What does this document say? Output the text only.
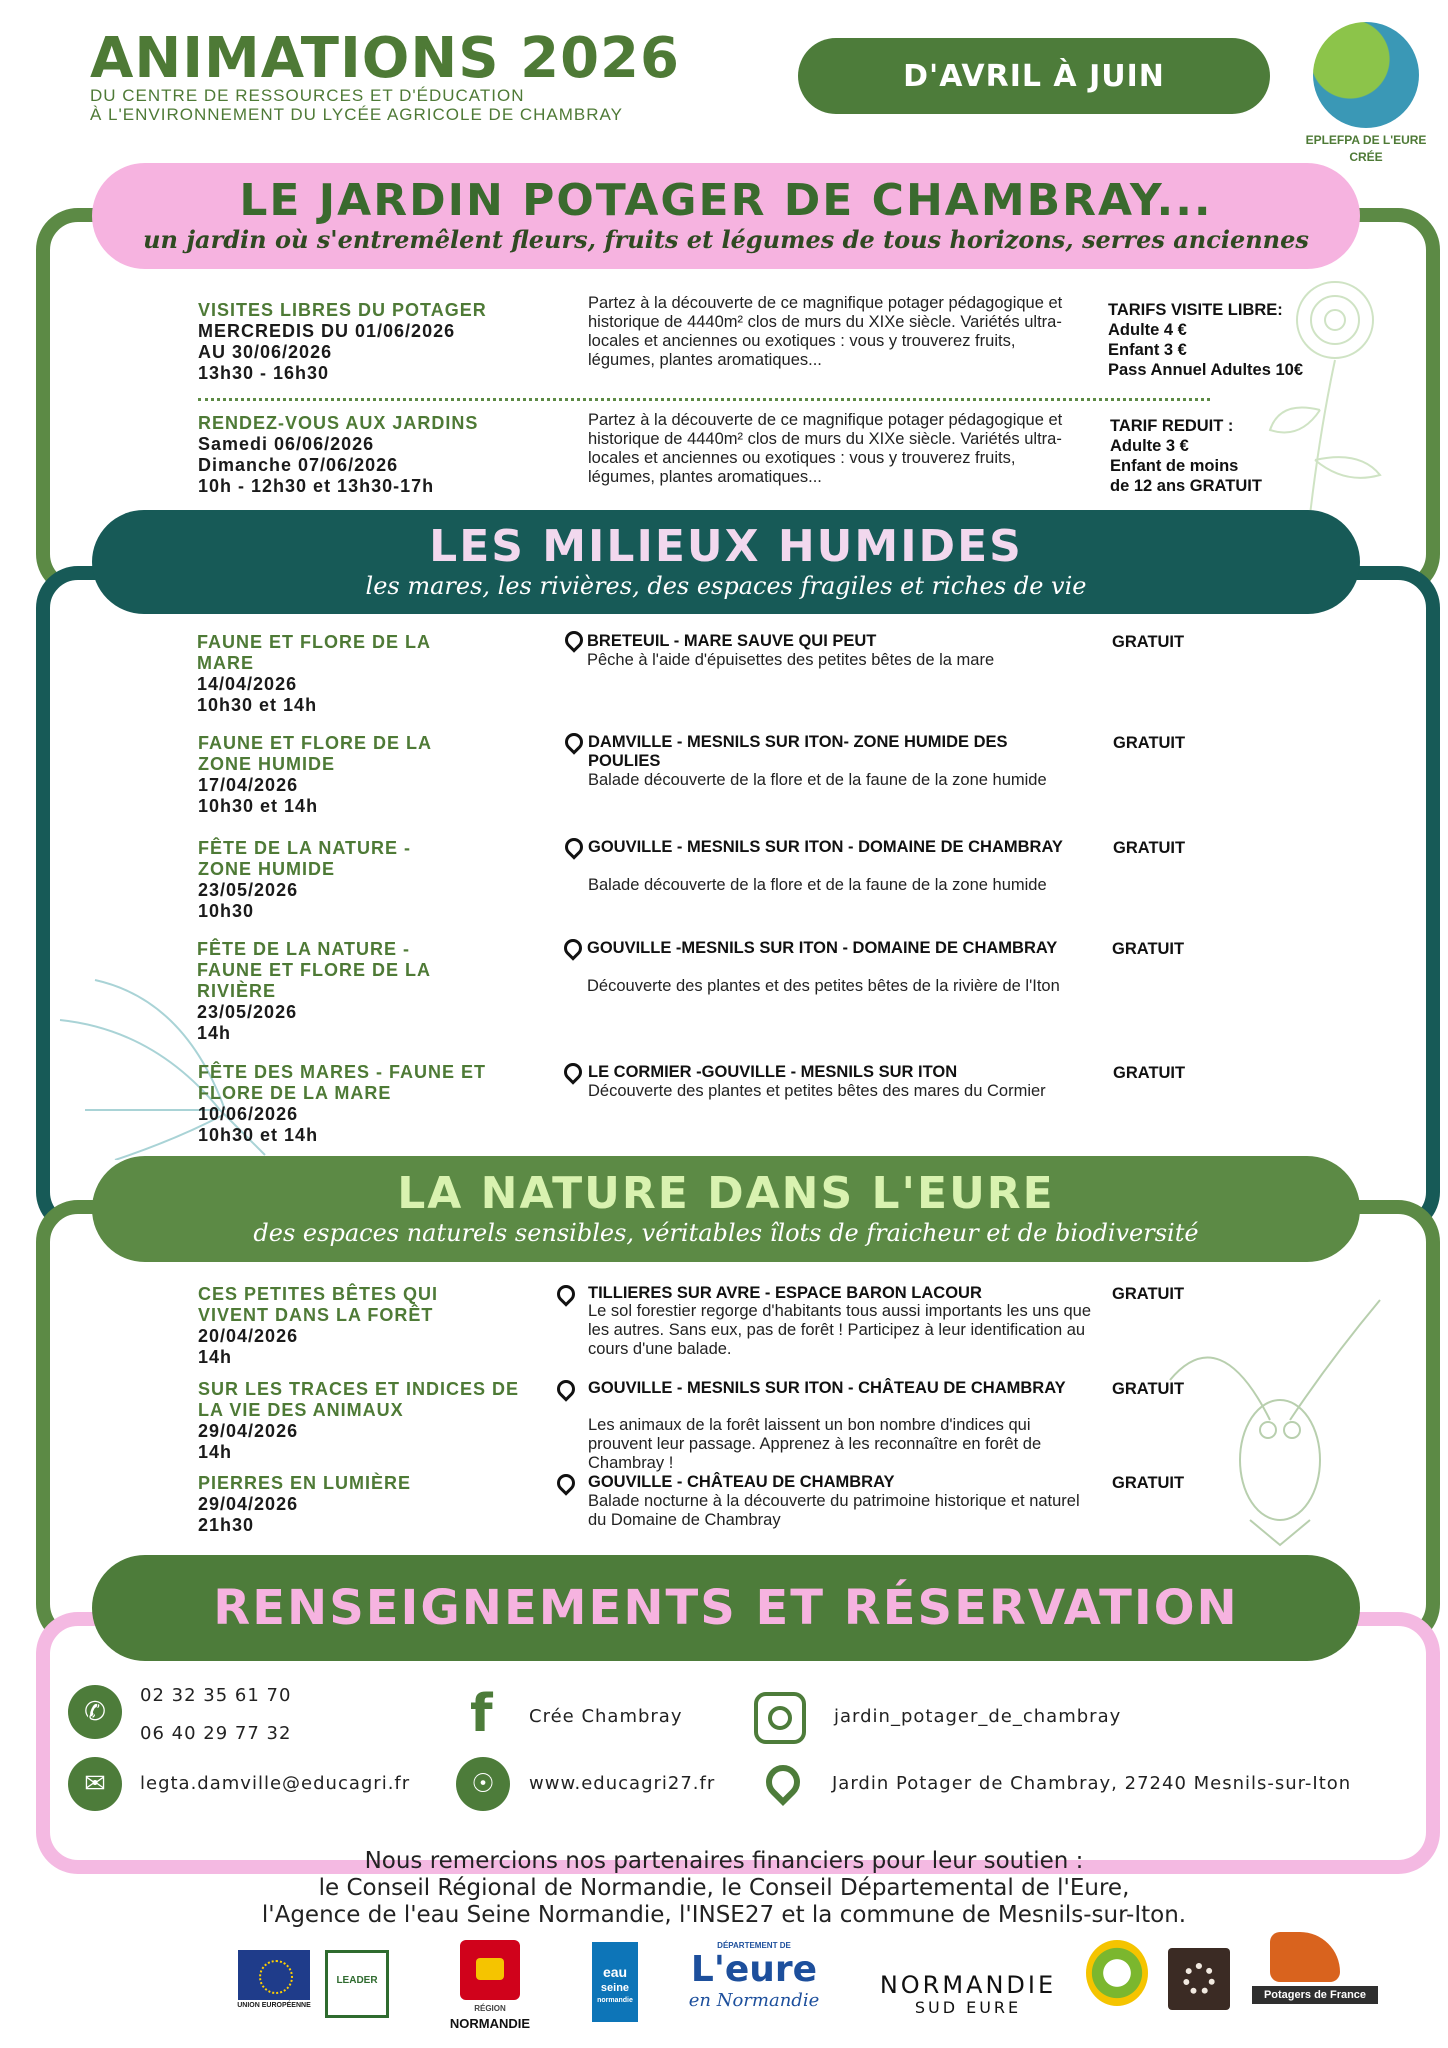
ANIMATIONS 2026
DU CENTRE DE RESSOURCES ET D'ÉDUCATION
À L'ENVIRONNEMENT DU LYCÉE AGRICOLE DE CHAMBRAY
D'AVRIL À JUIN
EPLEFPA DE L'EURE
CRÉE
LE JARDIN POTAGER DE CHAMBRAY...
un jardin où s'entremêlent fleurs, fruits et légumes de tous horizons, serres anciennes
VISITES LIBRES DU POTAGER
MERCREDIS DU 01/06/2026
AU 30/06/2026
13h30 - 16h30
Partez à la découverte de ce magnifique potager pédagogique et historique de 4440m² clos de murs du XIXe siècle. Variétés ultra-locales et anciennes ou exotiques : vous y trouverez fruits, légumes, plantes aromatiques...
TARIFS VISITE LIBRE:
Adulte 4 €
Enfant 3 €
Pass Annuel Adultes 10€
RENDEZ-VOUS AUX JARDINS
Samedi 06/06/2026
Dimanche 07/06/2026
10h - 12h30 et 13h30-17h
Partez à la découverte de ce magnifique potager pédagogique et historique de 4440m² clos de murs du XIXe siècle. Variétés ultra-locales et anciennes ou exotiques : vous y trouverez fruits, légumes, plantes aromatiques...
TARIF REDUIT :
Adulte 3 €
Enfant de moins
de 12 ans GRATUIT
LES MILIEUX HUMIDES
les mares, les rivières, des espaces fragiles et riches de vie
FAUNE ET FLORE DE LA MARE
14/04/2026
10h30 et 14h
BRETEUIL - MARE SAUVE QUI PEUT
Pêche à l'aide d'épuisettes des petites bêtes de la mare
GRATUIT
FAUNE ET FLORE DE LA ZONE HUMIDE
17/04/2026
10h30 et 14h
DAMVILLE - MESNILS SUR ITON- ZONE HUMIDE DES POULIES
Balade découverte de la flore et de la faune de la zone humide
GRATUIT
FÊTE DE LA NATURE - ZONE HUMIDE
23/05/2026
10h30
GOUVILLE - MESNILS SUR ITON - DOMAINE DE CHAMBRAY
Balade découverte de la flore et de la faune de la zone humide
GRATUIT
FÊTE DE LA NATURE - FAUNE ET FLORE DE LA RIVIÈRE
23/05/2026
14h
GOUVILLE -MESNILS SUR ITON - DOMAINE DE CHAMBRAY
Découverte des plantes et des petites bêtes de la rivière de l'Iton
GRATUIT
FÊTE DES MARES - FAUNE ET FLORE DE LA MARE
10/06/2026
10h30 et 14h
LE CORMIER -GOUVILLE - MESNILS SUR ITON
Découverte des plantes et petites bêtes des mares du Cormier
GRATUIT
LA NATURE DANS L'EURE
des espaces naturels sensibles, véritables îlots de fraicheur et de biodiversité
CES PETITES BÊTES QUI VIVENT DANS LA FORÊT
20/04/2026
14h
TILLIERES SUR AVRE - ESPACE BARON LACOUR
Le sol forestier regorge d'habitants tous aussi importants les uns que les autres. Sans eux, pas de forêt ! Participez à leur identification au cours d'une balade.
GRATUIT
SUR LES TRACES ET INDICES DE LA VIE DES ANIMAUX
29/04/2026
14h
GOUVILLE - MESNILS SUR ITON - CHÂTEAU DE CHAMBRAY
Les animaux de la forêt laissent un bon nombre d'indices qui prouvent leur passage. Apprenez à les reconnaître en forêt de Chambray !
GRATUIT
PIERRES EN LUMIÈRE
29/04/2026
21h30
GOUVILLE - CHÂTEAU DE CHAMBRAY
Balade nocturne à la découverte du patrimoine historique et naturel du Domaine de Chambray
GRATUIT
RENSEIGNEMENTS ET RÉSERVATION
✆
02 32 35 61 70
06 40 29 77 32
✉	legta.damville@educagri.fr
f Crée Chambray
☉	www.educagri27.fr
jardin_potager_de_chambray
Jardin Potager de Chambray, 27240 Mesnils-sur-Iton
Nous remercions nos partenaires financiers pour leur soutien :
le Conseil Régional de Normandie, le Conseil Départemental de l'Eure,
l'Agence de l'eau Seine Normandie, l'INSE27 et la commune de Mesnils-sur-Iton.
UNION EUROPÉENNE
LEADER
RÉGION
NORMANDIE
eau
seine
normandie
DÉPARTEMENT DE
L'eure
en Normandie
NORMANDIE
SUD EURE
Potagers de France
